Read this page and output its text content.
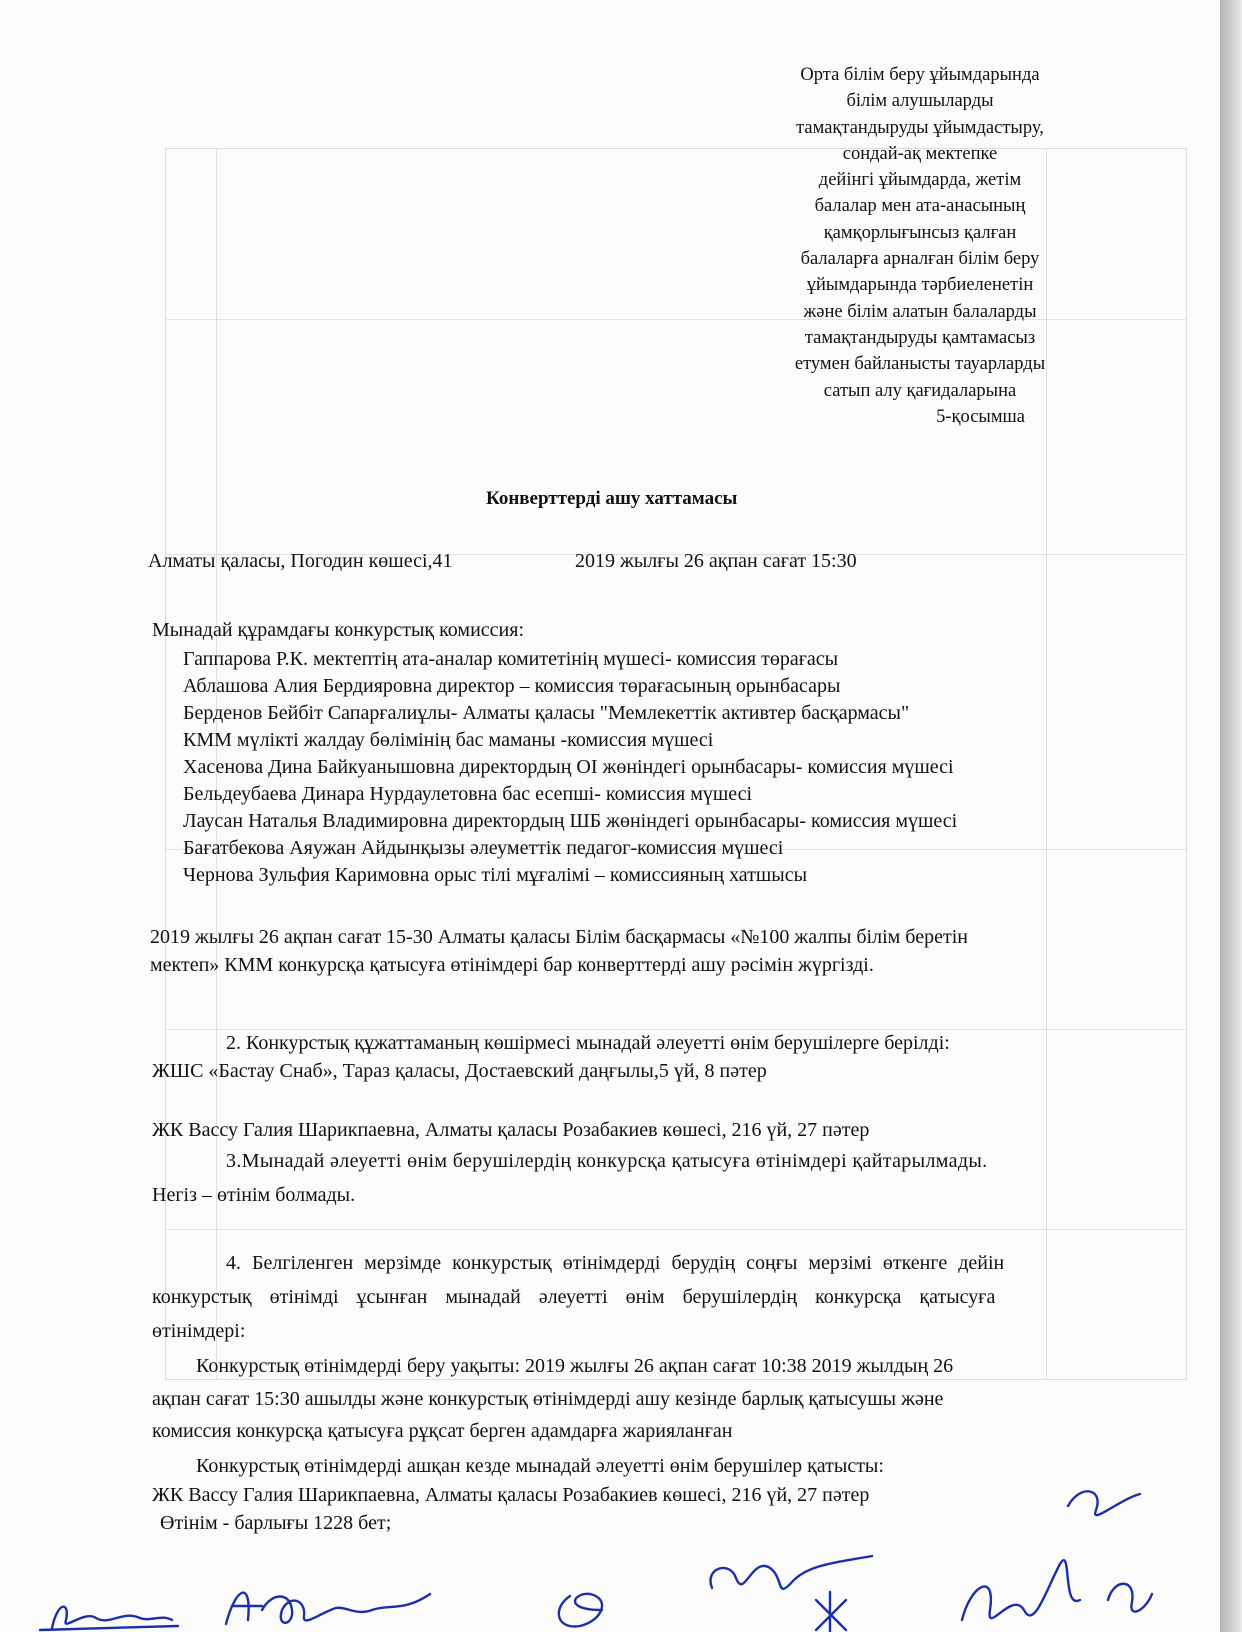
Орта білім беру ұйымдарында
білім алушыларды
тамақтандыруды ұйымдастыру,
сондай-ақ мектепке
дейінгі ұйымдарда, жетім
балалар мен ата-анасының
қамқорлығынсыз қалған
балаларға арналған білім беру
ұйымдарында тәрбиеленетін
және білім алатын балаларды
тамақтандыруды қамтамасыз
етумен байланысты тауарларды
сатып алу қағидаларына
5-қосымша
Конверттерді ашу хаттамасы
Алматы қаласы, Погодин көшесі,41	2019 жылғы 26 ақпан сағат 15:30
Мынадай құрамдағы конкурстық комиссия:
Гаппарова Р.К. мектептің ата-аналар комитетінің мүшесі- комиссия төрағасы
Аблашова Алия Бердияровна директор – комиссия төрағасының орынбасары
Берденов Бейбіт Сапарғалиұлы- Алматы қаласы "Мемлекеттік активтер басқармасы"
КММ мүлікті жалдау бөлімінің бас маманы -комиссия мүшесі
Хасенова Дина Байкуанышовна директордың ОІ жөніндегі орынбасары- комиссия мүшесі
Бельдеубаева Динара Нурдаулетовна бас есепші- комиссия мүшесі
Лаусан Наталья Владимировна директордың ШБ жөніндегі орынбасары- комиссия мүшесі
Бағатбекова Аяужан Айдынқызы әлеуметтік педагог-комиссия мүшесі
Чернова Зульфия Каримовна орыс тілі мұғалімі – комиссияның хатшысы
2019 жылғы 26 ақпан сағат 15-30 Алматы қаласы Білім басқармасы «№100 жалпы білім беретін
мектеп» КММ конкурсқа қатысуға өтінімдері бар конверттерді ашу рәсімін жүргізді.
2. Конкурстық құжаттаманың көшірмесі мынадай әлеуетті өнім берушілерге берілді:
ЖШС «Бастау Снаб», Тараз қаласы, Достаевский даңғылы,5 үй, 8 пәтер
ЖК Вассу Галия Шарикпаевна, Алматы қаласы Розабакиев көшесі, 216 үй, 27 пәтер
3.Мынадай әлеуетті өнім берушілердің конкурсқа қатысуға өтінімдері қайтарылмады.
Негіз – өтінім болмады.
4. Белгіленген мерзімде конкурстық өтінімдерді берудің соңғы мерзімі өткенге дейін
конкурстық өтінімді ұсынған мынадай әлеуетті өнім берушілердің конкурсқа қатысуға
өтінімдері:
Конкурстық өтінімдерді беру уақыты: 2019 жылғы 26 ақпан сағат 10:38 2019 жылдың 26
ақпан сағат 15:30 ашылды және конкурстық өтінімдерді ашу кезінде барлық қатысушы және
комиссия конкурсқа қатысуға рұқсат берген адамдарға жарияланған
Конкурстық өтінімдерді ашқан кезде мынадай әлеуетті өнім берушілер қатысты:
ЖК Вассу Галия Шарикпаевна, Алматы қаласы Розабакиев көшесі, 216 үй, 27 пәтер
Өтінім - барлығы 1228 бет;
